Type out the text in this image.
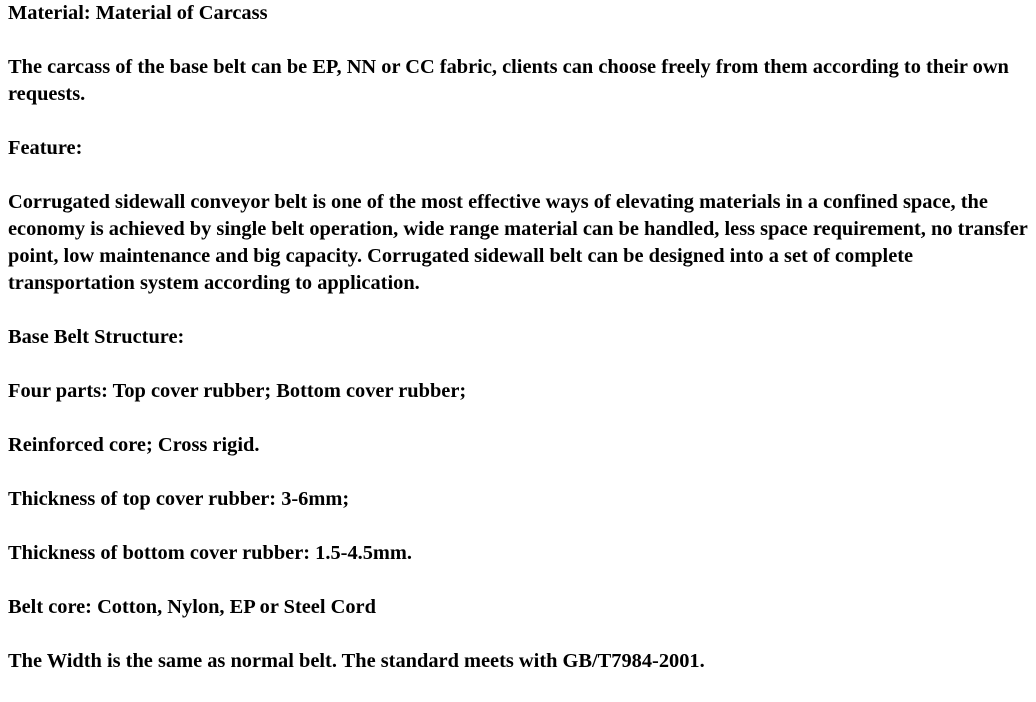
Material: Material of Carcass

The carcass of the base belt can be EP, NN or CC fabric, clients can choose freely from them according to their own requests.

Feature:

Corrugated sidewall conveyor belt is one of the most effective ways of elevating materials in a confined space, the economy is achieved by single belt operation, wide range material can be handled, less space requirement, no transfer point, low maintenance and big capacity. Corrugated sidewall belt can be designed into a set of complete transportation system according to application.

Base Belt Structure:

Four parts: Top cover rubber; Bottom cover rubber;

Reinforced core; Cross rigid.

Thickness of top cover rubber: 3-6mm;

Thickness of bottom cover rubber: 1.5-4.5mm.

Belt core: Cotton, Nylon, EP or Steel Cord

The Width is the same as normal belt. The standard meets with GB/T7984-2001.
